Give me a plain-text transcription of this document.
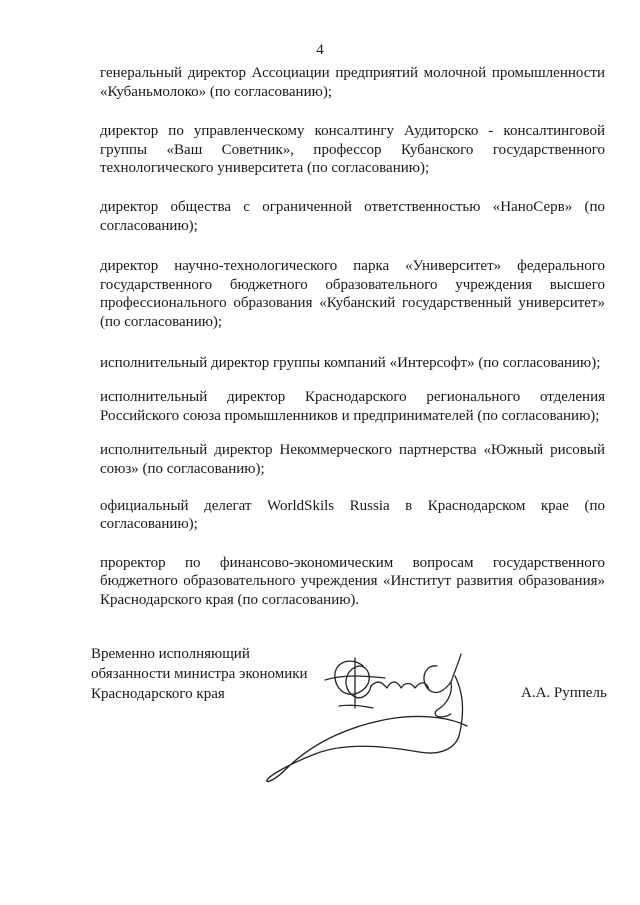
4

генеральный директор Ассоциации предприятий молочной промышленности «Кубаньмолоко» (по согласованию);

директор по управленческому консалтингу Аудиторско - консалтинговой группы «Ваш Советник», профессор Кубанского государственного технологического университета (по согласованию);

директор общества с ограниченной ответственностью «НаноСерв» (по согласованию);

директор научно-технологического парка «Университет» федерального государственного бюджетного образовательного учреждения высшего профессионального образования «Кубанский государственный университет» (по согласованию);

исполнительный директор группы компаний «Интерсофт» (по согласованию);

исполнительный директор Краснодарского регионального отделения Российского союза промышленников и предпринимателей (по согласованию);

исполнительный директор Некоммерческого партнерства «Южный рисовый союз» (по согласованию);

официальный делегат WorldSkils Russia в Краснодарском крае (по согласованию);

проректор по финансово-экономическим вопросам государственного бюджетного образовательного учреждения «Институт развития образования» Краснодарского края (по согласованию).

Временно исполняющий
обязанности министра экономики
Краснодарского края	А.А. Руппель
